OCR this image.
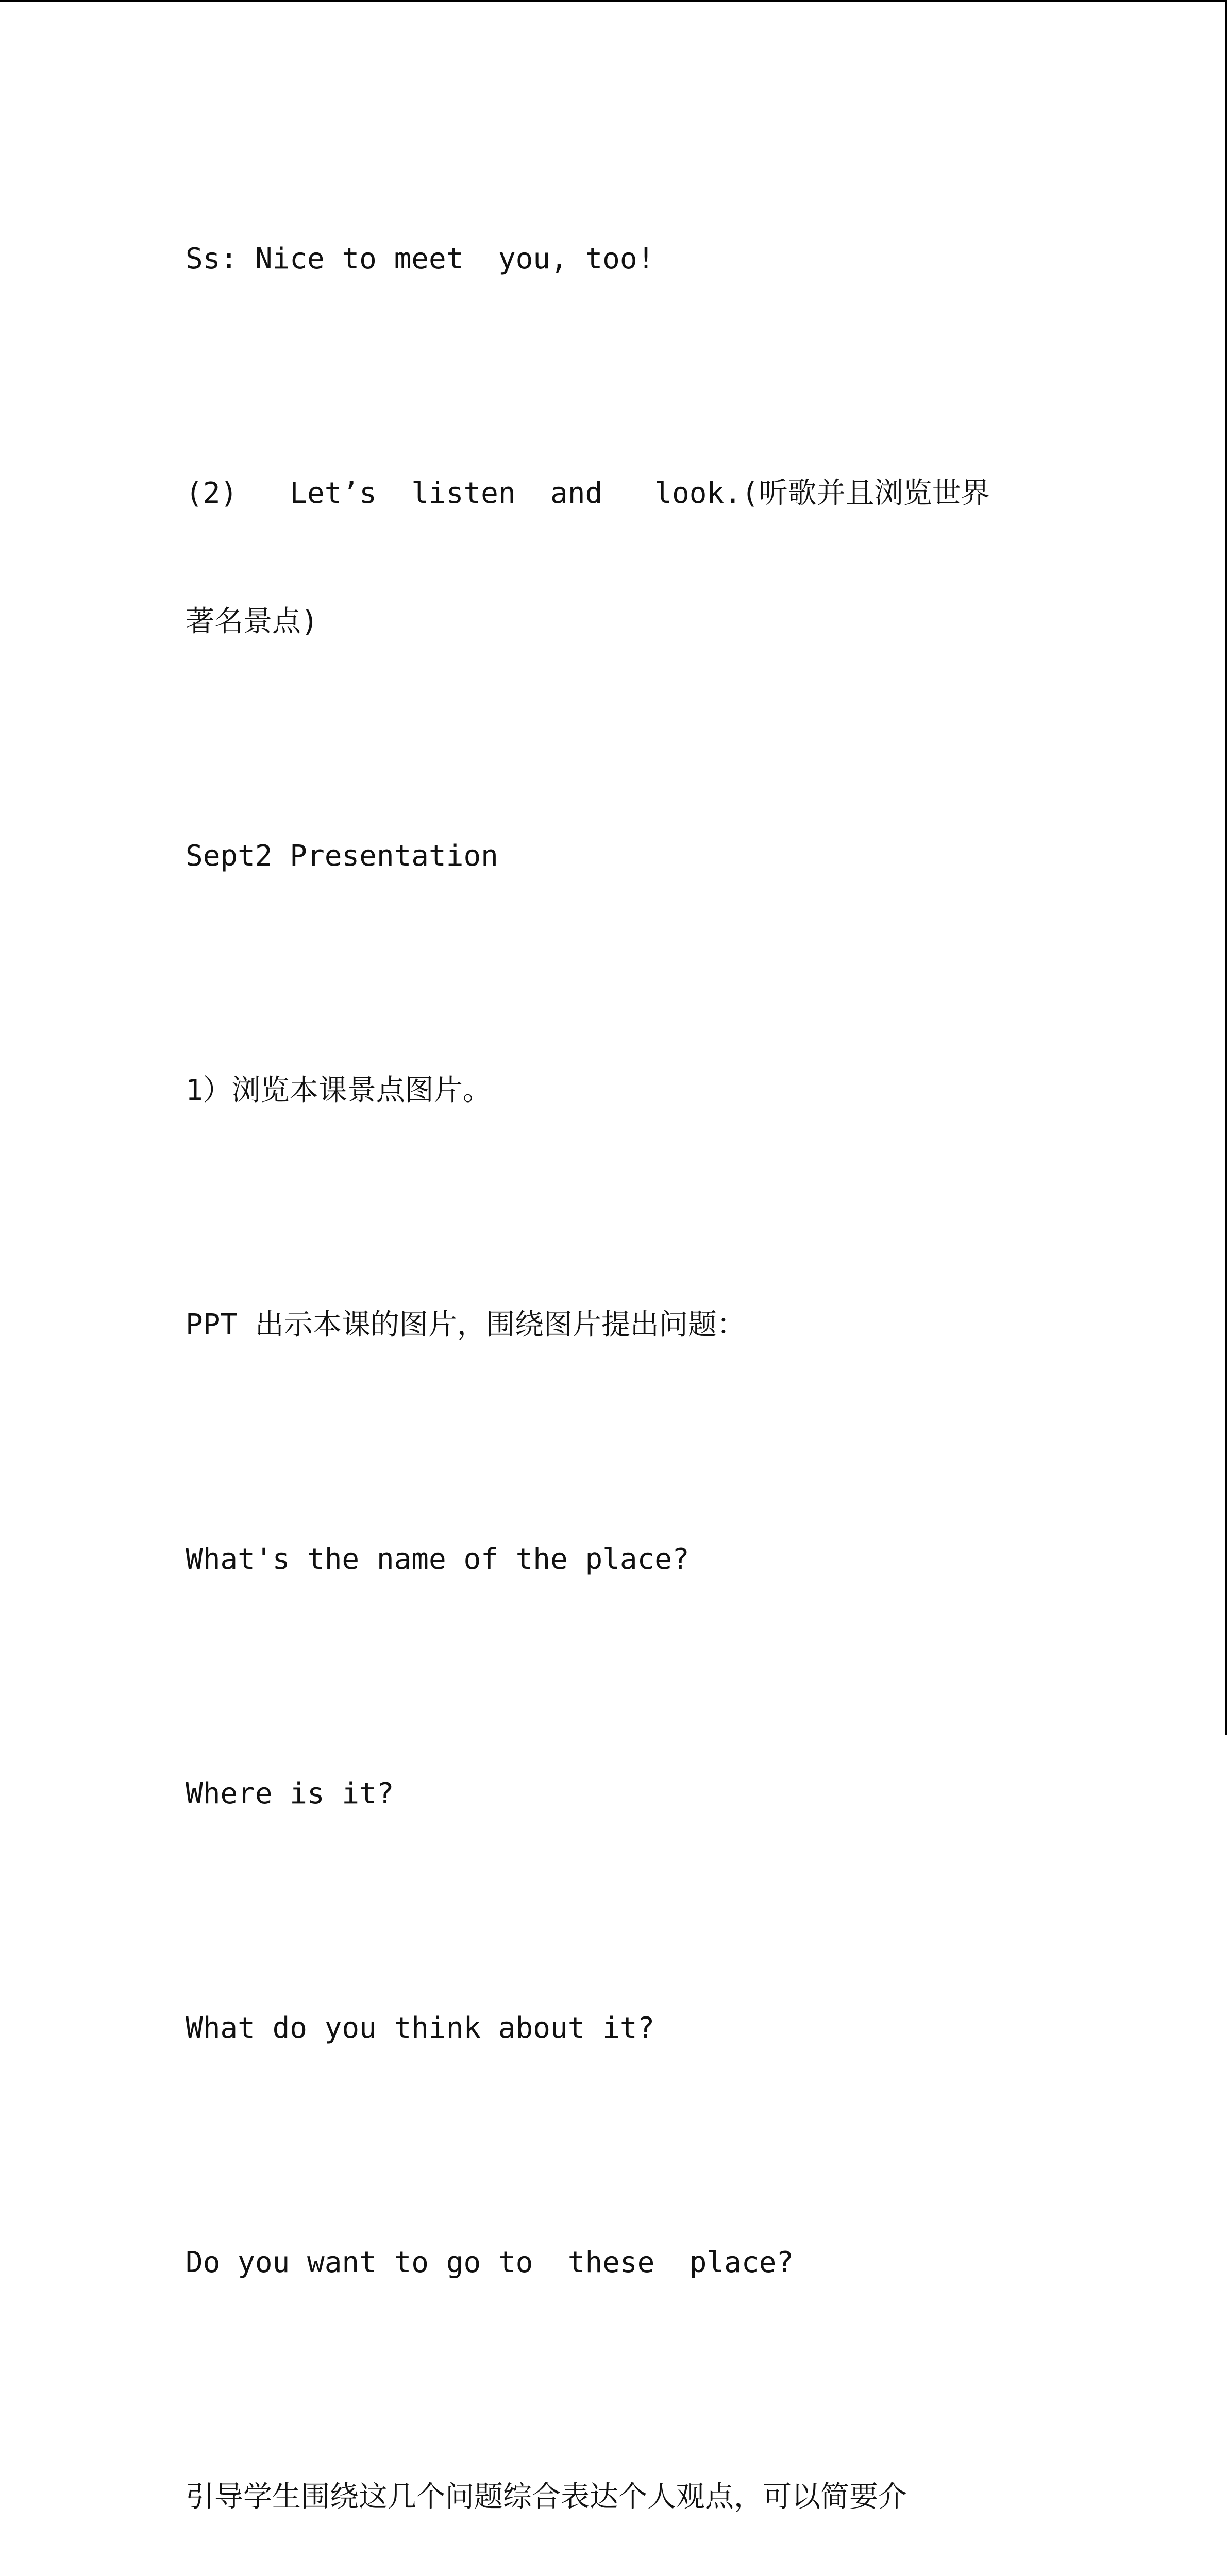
Ss: Nice to meet  you, too!

(2)   Let’s  listen  and   look.(听歌并且浏览世界

著名景点)

Sept2 Presentation

1）浏览本课景点图片。

PPT 出示本课的图片，围绕图片提出问题：

What's the name of the place?

Where is it?

What do you think about it?

Do you want to go to  these  place?

引导学生围绕这几个问题综合表达个人观点，可以简要介
